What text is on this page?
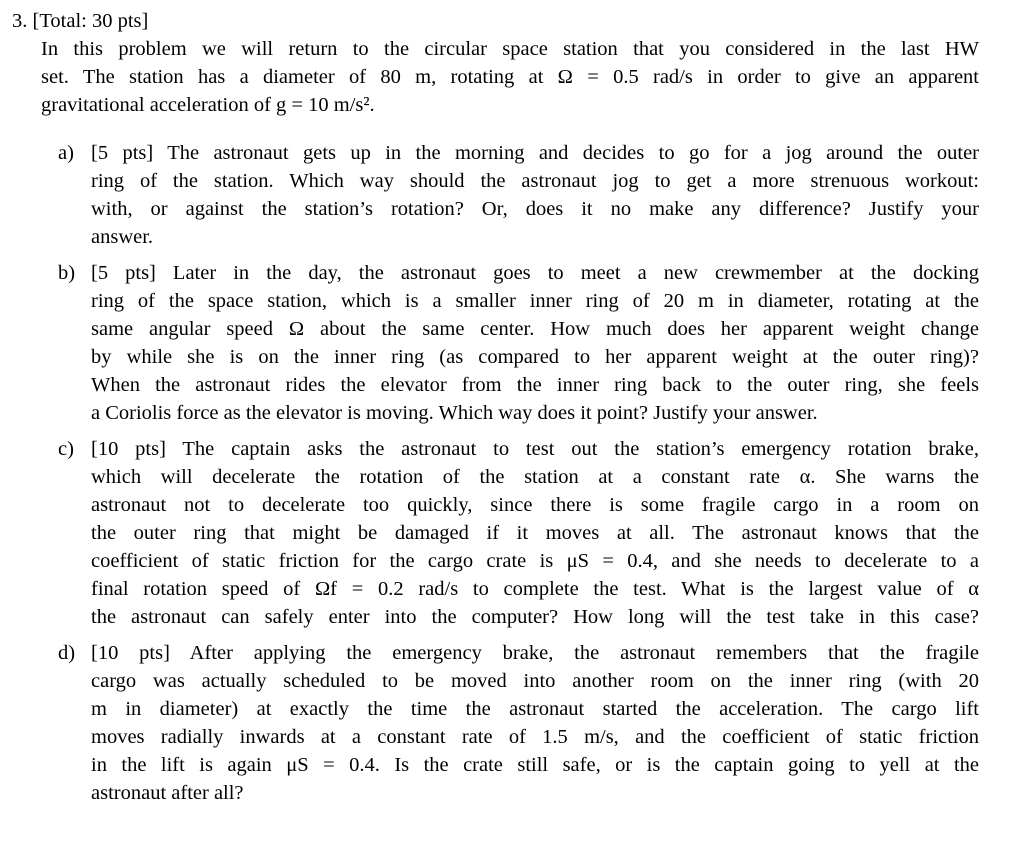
3. [Total: 30 pts]
In this problem we will return to the circular space station that you considered in the last HW
set. The station has a diameter of 80 m, rotating at Ω = 0.5 rad/s in order to give an apparent
gravitational acceleration of g = 10 m/s².
a) [5 pts] The astronaut gets up in the morning and decides to go for a jog around the outer
ring of the station. Which way should the astronaut jog to get a more strenuous workout:
with, or against the station’s rotation? Or, does it no make any difference? Justify your
answer.
b) [5 pts] Later in the day, the astronaut goes to meet a new crewmember at the docking
ring of the space station, which is a smaller inner ring of 20 m in diameter, rotating at the
same angular speed Ω about the same center. How much does her apparent weight change
by while she is on the inner ring (as compared to her apparent weight at the outer ring)?
When the astronaut rides the elevator from the inner ring back to the outer ring, she feels
a Coriolis force as the elevator is moving. Which way does it point? Justify your answer.
c) [10 pts] The captain asks the astronaut to test out the station’s emergency rotation brake,
which will decelerate the rotation of the station at a constant rate α. She warns the
astronaut not to decelerate too quickly, since there is some fragile cargo in a room on
the outer ring that might be damaged if it moves at all. The astronaut knows that the
coefficient of static friction for the cargo crate is μS = 0.4, and she needs to decelerate to a
final rotation speed of Ωf = 0.2 rad/s to complete the test. What is the largest value of α
the astronaut can safely enter into the computer? How long will the test take in this case?
d) [10 pts] After applying the emergency brake, the astronaut remembers that the fragile
cargo was actually scheduled to be moved into another room on the inner ring (with 20
m in diameter) at exactly the time the astronaut started the acceleration. The cargo lift
moves radially inwards at a constant rate of 1.5 m/s, and the coefficient of static friction
in the lift is again μS = 0.4. Is the crate still safe, or is the captain going to yell at the
astronaut after all?
